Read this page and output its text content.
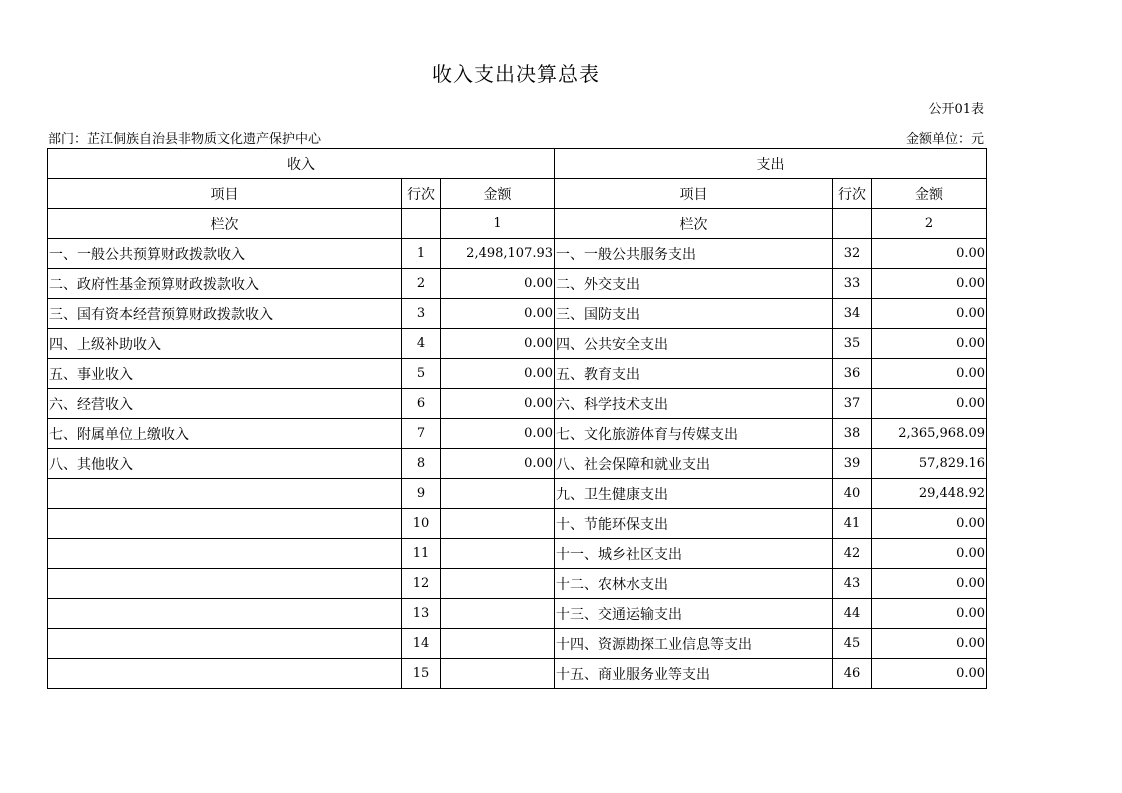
收入支出决算总表
公开01表
部门：芷江侗族自治县非物质文化遗产保护中心	金额单位：元
收入			支出		
项目	行次	金额	项目	行次	金额
栏次		1	栏次		2
一、一般公共预算财政拨款收入	1	2,498,107.93	一、一般公共服务支出	32	0.00
二、政府性基金预算财政拨款收入	2	0.00	二、外交支出	33	0.00
三、国有资本经营预算财政拨款收入	3	0.00	三、国防支出	34	0.00
四、上级补助收入	4	0.00	四、公共安全支出	35	0.00
五、事业收入	5	0.00	五、教育支出	36	0.00
六、经营收入	6	0.00	六、科学技术支出	37	0.00
七、附属单位上缴收入	7	0.00	七、文化旅游体育与传媒支出	38	2,365,968.09
八、其他收入	8	0.00	八、社会保障和就业支出	39	57,829.16
	9		九、卫生健康支出	40	29,448.92
	10		十、节能环保支出	41	0.00
	11		十一、城乡社区支出	42	0.00
	12		十二、农林水支出	43	0.00
	13		十三、交通运输支出	44	0.00
	14		十四、资源勘探工业信息等支出	45	0.00
	15		十五、商业服务业等支出	46	0.00
